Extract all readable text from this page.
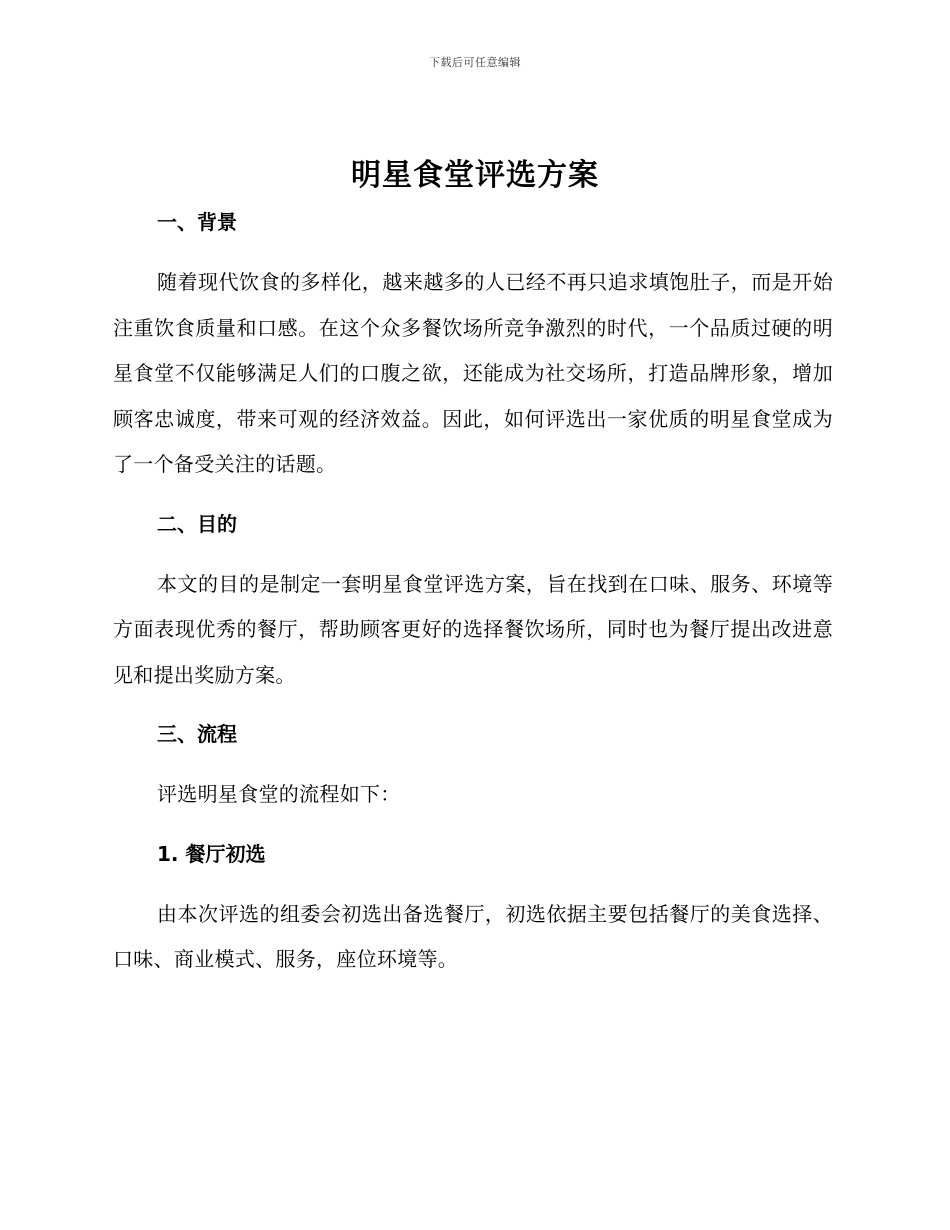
下载后可任意编辑
明星食堂评选方案
一、背景

随着现代饮食的多样化，越来越多的人已经不再只追求填饱肚子，而是开始注重饮食质量和口感。在这个众多餐饮场所竞争激烈的时代，一个品质过硬的明星食堂不仅能够满足人们的口腹之欲，还能成为社交场所，打造品牌形象，增加顾客忠诚度，带来可观的经济效益。因此，如何评选出一家优质的明星食堂成为了一个备受关注的话题。

二、目的

本文的目的是制定一套明星食堂评选方案，旨在找到在口味、服务、环境等方面表现优秀的餐厅，帮助顾客更好的选择餐饮场所，同时也为餐厅提出改进意见和提出奖励方案。

三、流程

评选明星食堂的流程如下：

1. 餐厅初选

由本次评选的组委会初选出备选餐厅，初选依据主要包括餐厅的美食选择、口味、商业模式、服务，座位环境等。
